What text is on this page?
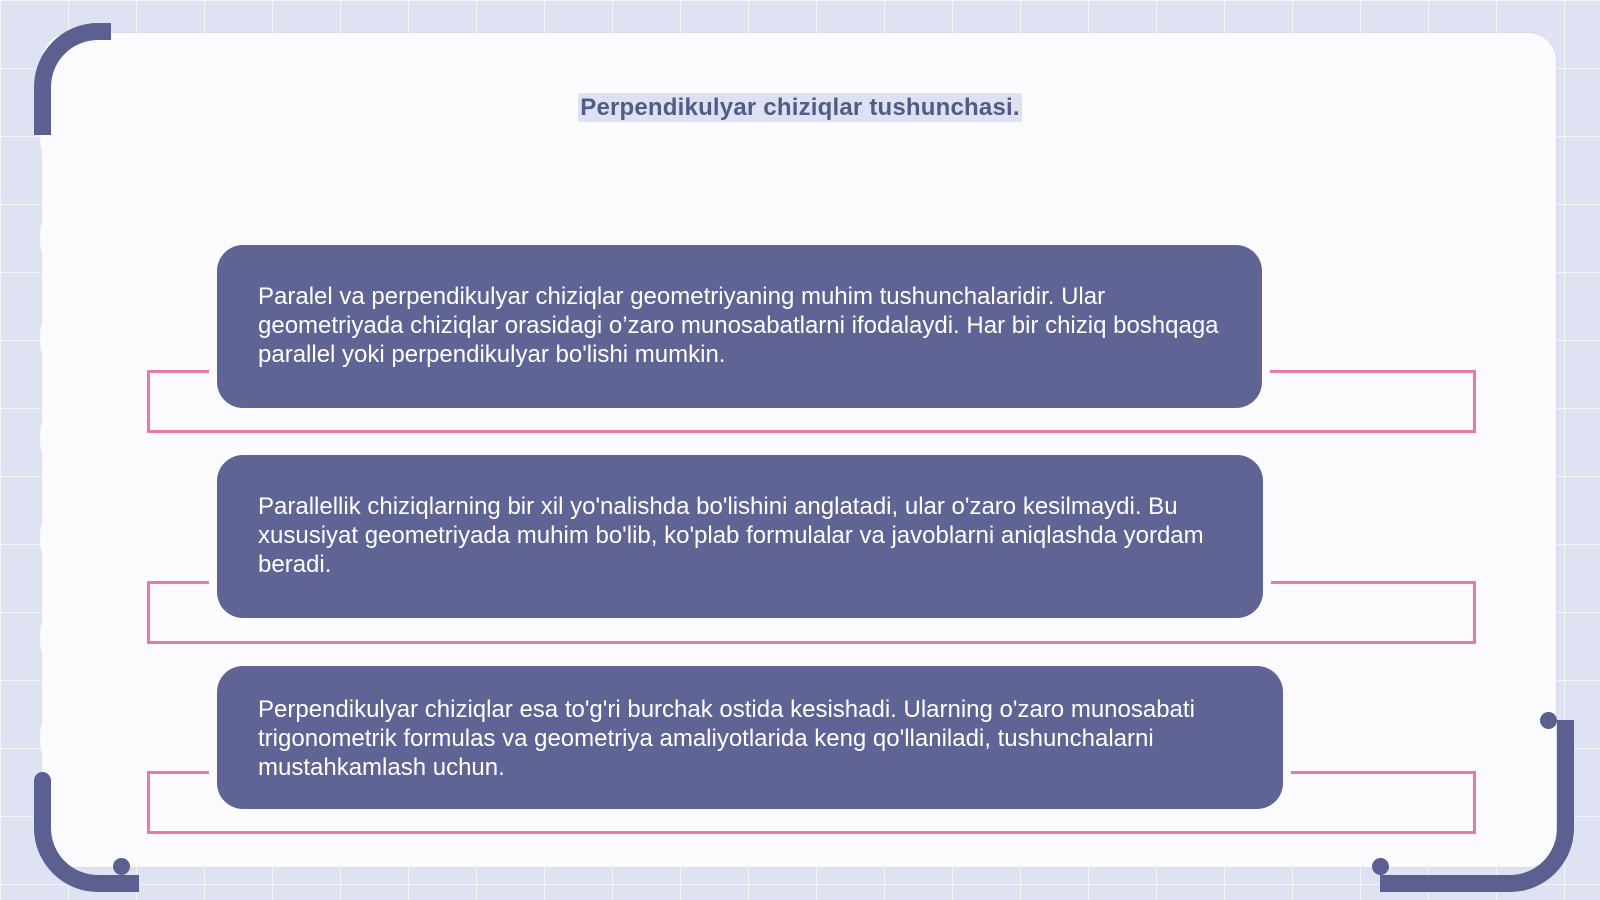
Perpendikulyar chiziqlar tushunchasi.

Paralel va perpendikulyar chiziqlar geometriyaning muhim tushunchalaridir. Ular geometriyada chiziqlar orasidagi o’zaro munosabatlarni ifodalaydi. Har bir chiziq boshqaga parallel yoki perpendikulyar bo'lishi mumkin.

Parallellik chiziqlarning bir xil yo'nalishda bo'lishini anglatadi, ular o'zaro kesilmaydi. Bu xususiyat geometriyada muhim bo'lib, ko'plab formulalar va javoblarni aniqlashda yordam beradi.

Perpendikulyar chiziqlar esa to'g'ri burchak ostida kesishadi. Ularning o'zaro munosabati trigonometrik formulas va geometriya amaliyotlarida keng qo'llaniladi, tushunchalarni mustahkamlash uchun.
